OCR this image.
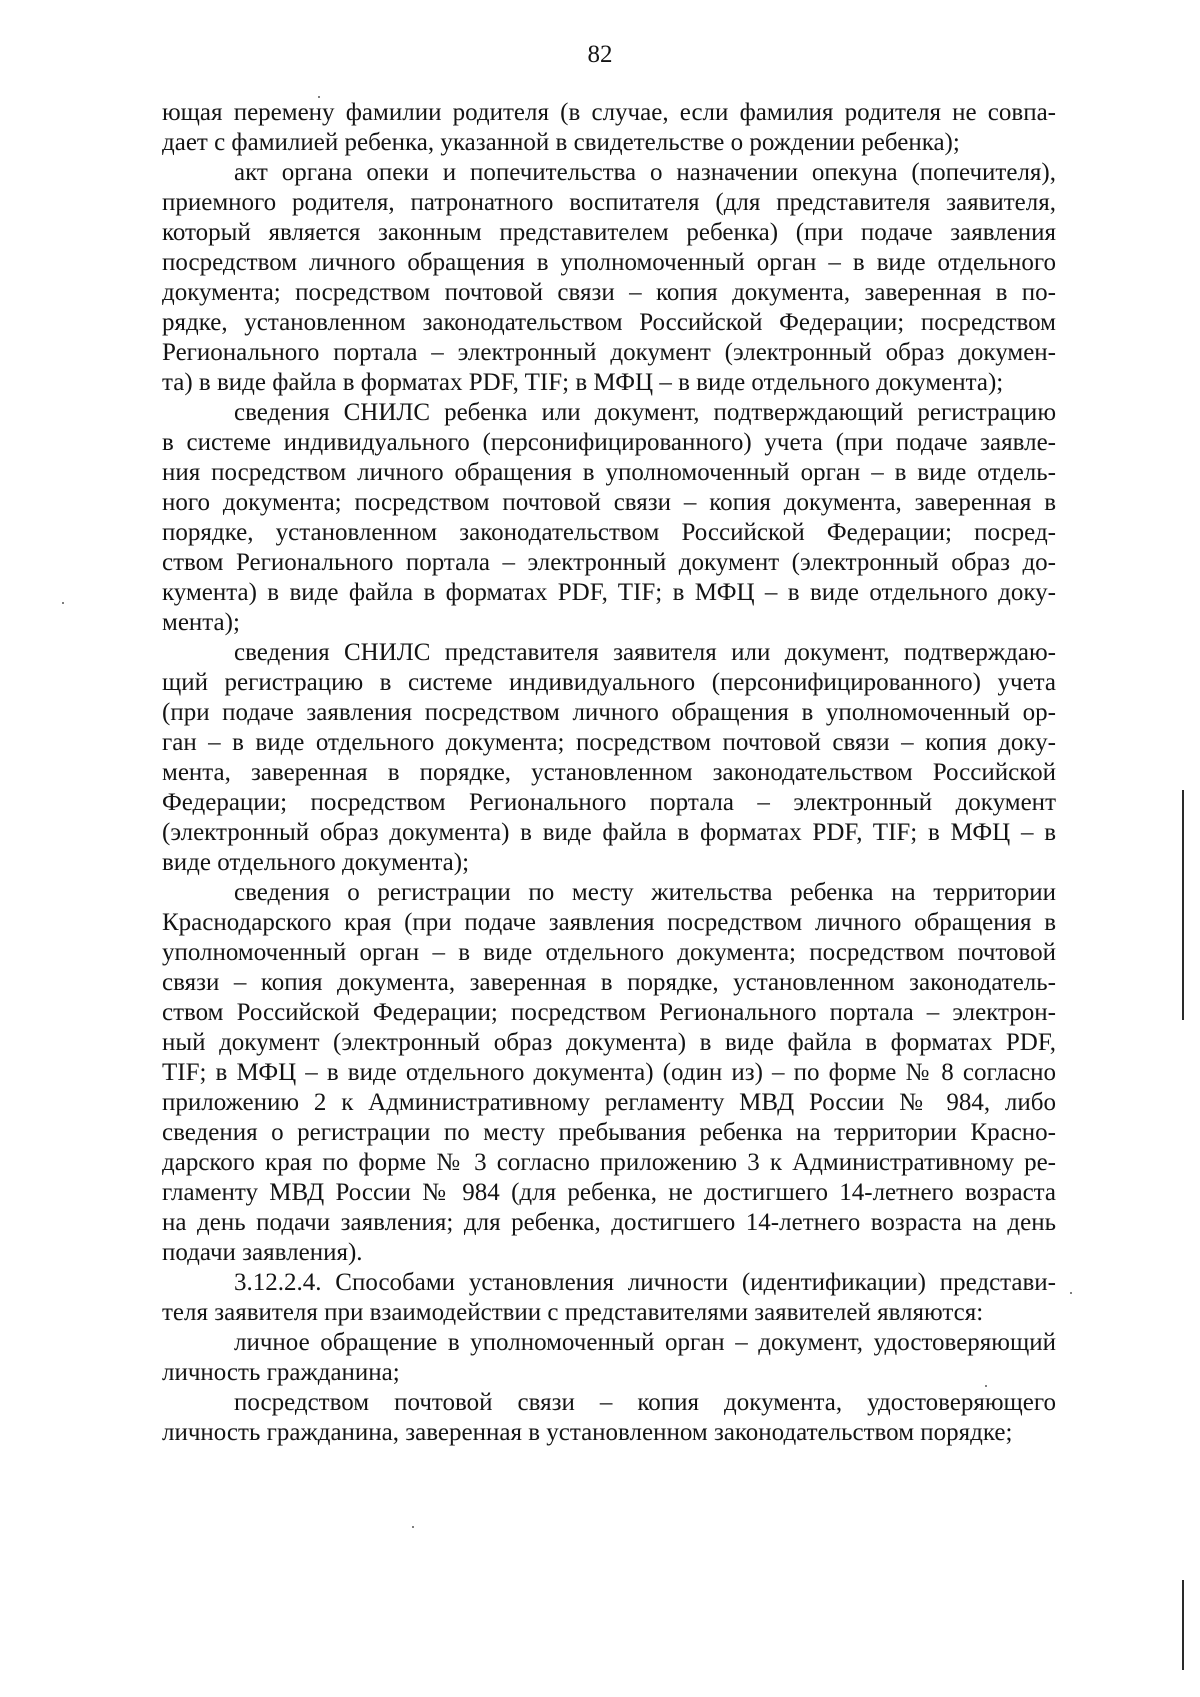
82
ющая перемену фамилии родителя (в случае, если фамилия родителя не совпа-
дает с фамилией ребенка, указанной в свидетельстве о рождении ребенка);
акт органа опеки и попечительства о назначении опекуна (попечителя),
приемного родителя, патронатного воспитателя (для представителя заявителя,
который является законным представителем ребенка) (при подаче заявления
посредством личного обращения в уполномоченный орган – в виде отдельного
документа; посредством почтовой связи – копия документа, заверенная в по-
рядке, установленном законодательством Российской Федерации; посредством
Регионального портала – электронный документ (электронный образ докумен-
та) в виде файла в форматах PDF, TIF; в МФЦ – в виде отдельного документа);
сведения СНИЛС ребенка или документ, подтверждающий регистрацию
в системе индивидуального (персонифицированного) учета (при подаче заявле-
ния посредством личного обращения в уполномоченный орган – в виде отдель-
ного документа; посредством почтовой связи – копия документа, заверенная в
порядке, установленном законодательством Российской Федерации; посред-
ством Регионального портала – электронный документ (электронный образ до-
кумента) в виде файла в форматах PDF, TIF; в МФЦ – в виде отдельного доку-
мента);
сведения СНИЛС представителя заявителя или документ, подтверждаю-
щий регистрацию в системе индивидуального (персонифицированного) учета
(при подаче заявления посредством личного обращения в уполномоченный ор-
ган – в виде отдельного документа; посредством почтовой связи – копия доку-
мента, заверенная в порядке, установленном законодательством Российской
Федерации; посредством Регионального портала – электронный документ
(электронный образ документа) в виде файла в форматах PDF, TIF; в МФЦ – в
виде отдельного документа);
сведения о регистрации по месту жительства ребенка на территории
Краснодарского края (при подаче заявления посредством личного обращения в
уполномоченный орган – в виде отдельного документа; посредством почтовой
связи – копия документа, заверенная в порядке, установленном законодатель-
ством Российской Федерации; посредством Регионального портала – электрон-
ный документ (электронный образ документа) в виде файла в форматах PDF,
TIF; в МФЦ – в виде отдельного документа) (один из) – по форме № 8 согласно
приложению 2 к Административному регламенту МВД России № 984, либо
сведения о регистрации по месту пребывания ребенка на территории Красно-
дарского края по форме № 3 согласно приложению 3 к Административному ре-
гламенту МВД России № 984 (для ребенка, не достигшего 14-летнего возраста
на день подачи заявления; для ребенка, достигшего 14-летнего возраста на день
подачи заявления).
3.12.2.4. Способами установления личности (идентификации) представи-
теля заявителя при взаимодействии с представителями заявителей являются:
личное обращение в уполномоченный орган – документ, удостоверяющий
личность гражданина;
посредством почтовой связи – копия документа, удостоверяющего
личность гражданина, заверенная в установленном законодательством порядке;
